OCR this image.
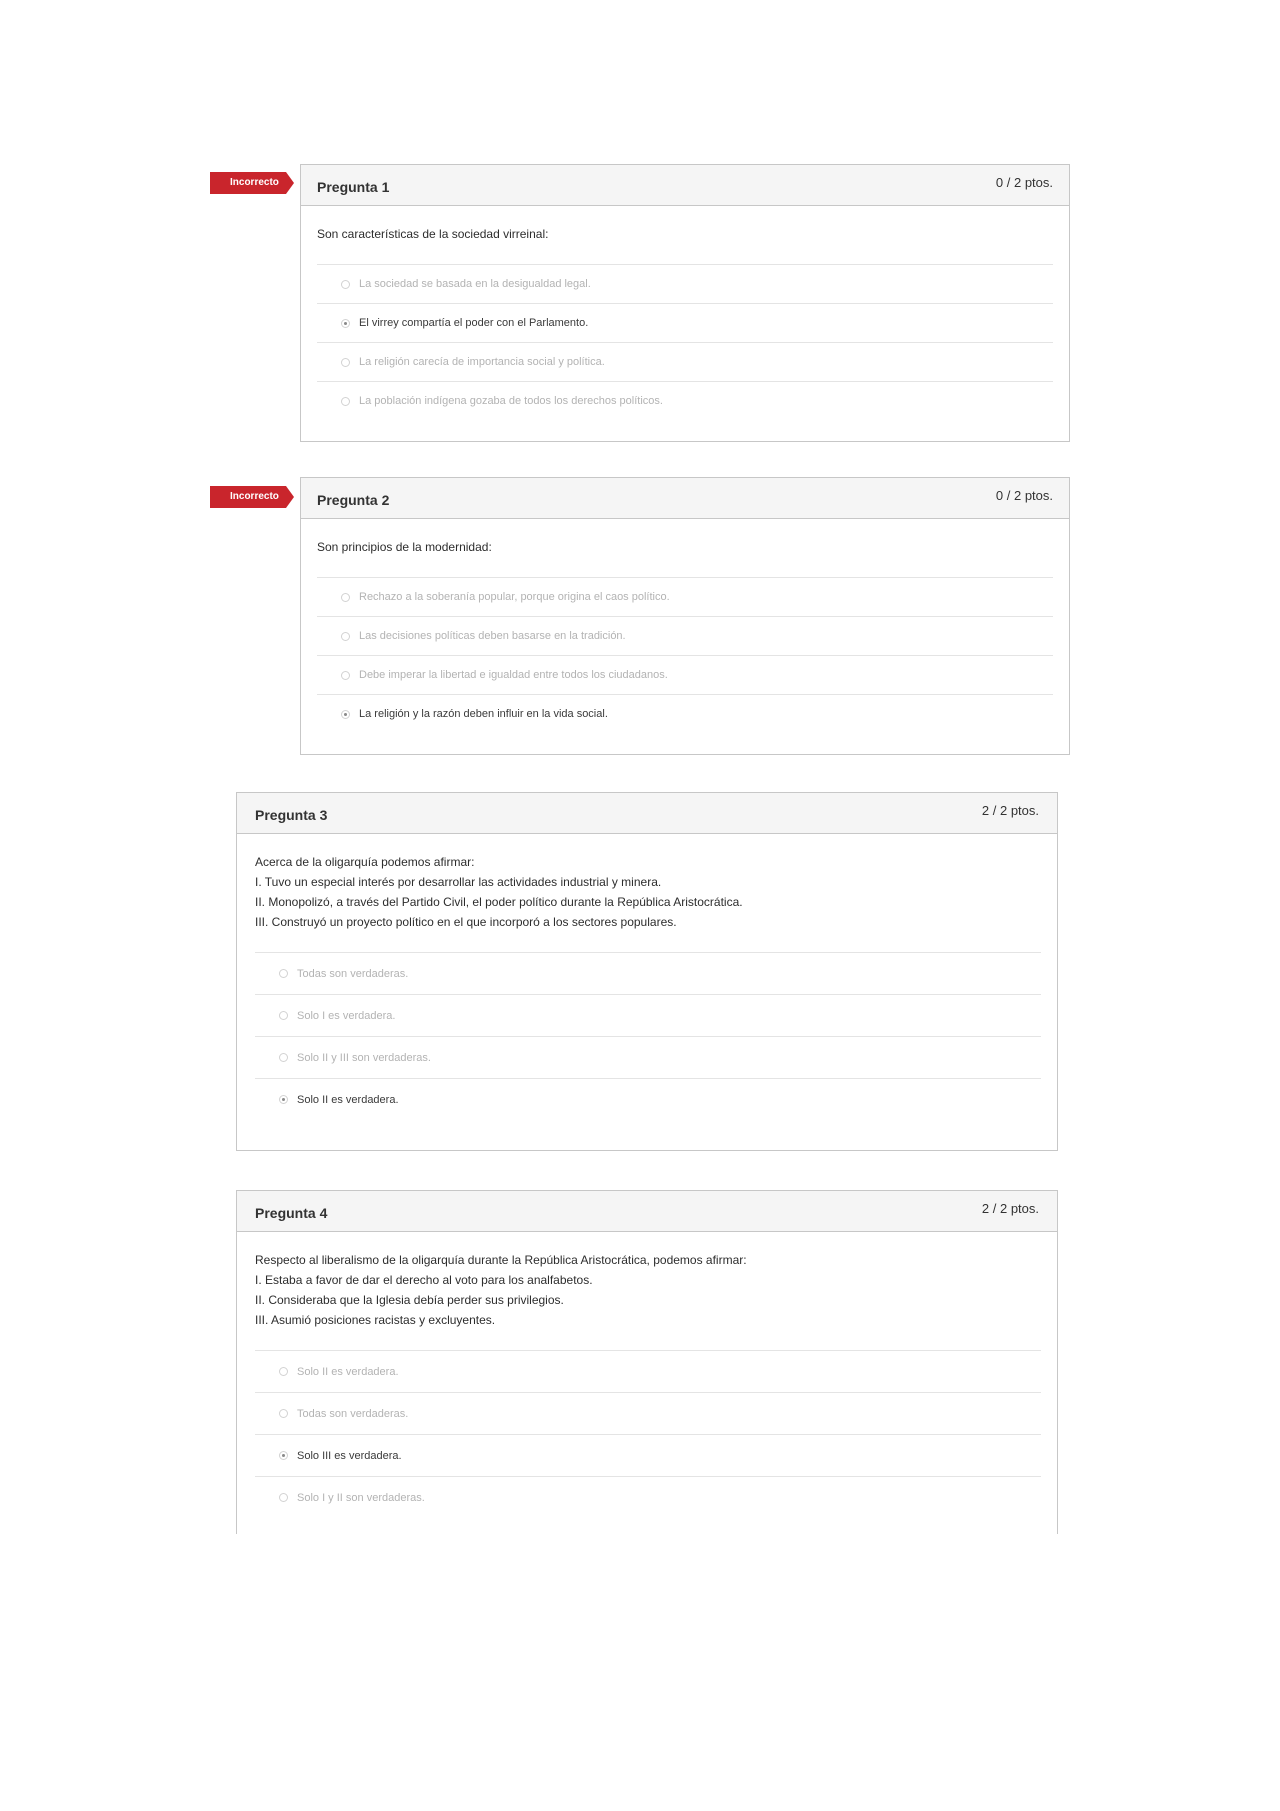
Incorrecto	Pregunta 1	0 / 2 ptos.
Son características de la sociedad virreinal:
La sociedad se basada en la desigualdad legal.
El virrey compartía el poder con el Parlamento.
La religión carecía de importancia social y política.
La población indígena gozaba de todos los derechos políticos.
Incorrecto	Pregunta 2	0 / 2 ptos.
Son principios de la modernidad:
Rechazo a la soberanía popular, porque origina el caos político.
Las decisiones políticas deben basarse en la tradición.
Debe imperar la libertad e igualdad entre todos los ciudadanos.
La religión y la razón deben influir en la vida social.
Pregunta 3	2 / 2 ptos.
Acerca de la oligarquía podemos afirmar:
I. Tuvo un especial interés por desarrollar las actividades industrial y minera.
II. Monopolizó, a través del Partido Civil, el poder político durante la República Aristocrática.
III. Construyó un proyecto político en el que incorporó a los sectores populares.
Todas son verdaderas.
Solo I es verdadera.
Solo II y III son verdaderas.
Solo II es verdadera.
Pregunta 4	2 / 2 ptos.
Respecto al liberalismo de la oligarquía durante la República Aristocrática, podemos afirmar:
I. Estaba a favor de dar el derecho al voto para los analfabetos.
II. Consideraba que la Iglesia debía perder sus privilegios.
III. Asumió posiciones racistas y excluyentes.
Solo II es verdadera.
Todas son verdaderas.
Solo III es verdadera.
Solo I y II son verdaderas.
